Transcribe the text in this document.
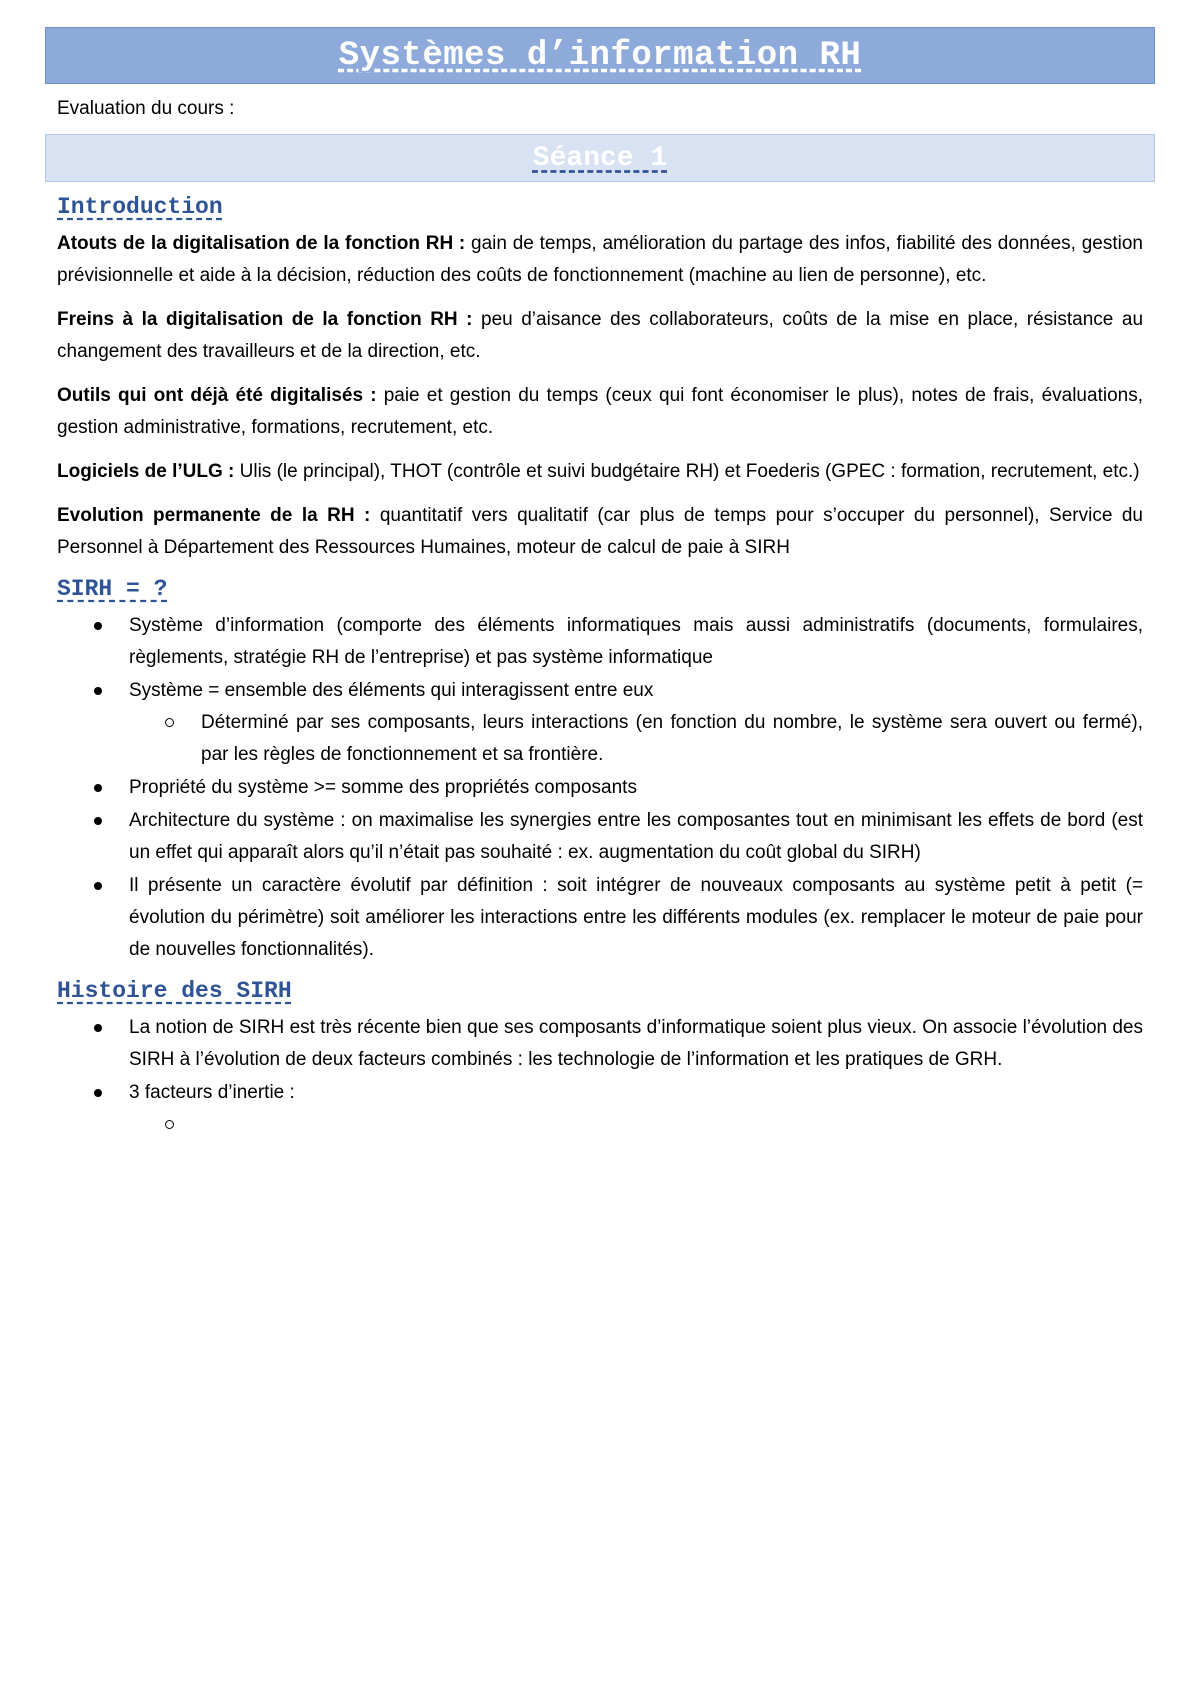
Systèmes d’information RH
Evaluation du cours :
Séance 1
Introduction

Atouts de la digitalisation de la fonction RH : gain de temps, amélioration du partage des infos, fiabilité des données, gestion prévisionnelle et aide à la décision, réduction des coûts de fonctionnement (machine au lien de personne), etc.

Freins à la digitalisation de la fonction RH : peu d’aisance des collaborateurs, coûts de la mise en place, résistance au changement des travailleurs et de la direction, etc.

Outils qui ont déjà été digitalisés : paie et gestion du temps (ceux qui font économiser le plus), notes de frais, évaluations, gestion administrative, formations, recrutement, etc.

Logiciels de l’ULG : Ulis (le principal), THOT (contrôle et suivi budgétaire RH) et Foederis (GPEC : formation, recrutement, etc.)

Evolution permanente de la RH : quantitatif vers qualitatif (car plus de temps pour s’occuper du personnel), Service du Personnel à Département des Ressources Humaines, moteur de calcul de paie à SIRH

SIRH = ?
Système d’information (comporte des éléments informatiques mais aussi administratifs (documents, formulaires, règlements, stratégie RH de l’entreprise) et pas système informatique
Système = ensemble des éléments qui interagissent entre eux
Déterminé par ses composants, leurs interactions (en fonction du nombre, le système sera ouvert ou fermé), par les règles de fonctionnement et sa frontière.
Propriété du système >= somme des propriétés composants
Architecture du système : on maximalise les synergies entre les composantes tout en minimisant les effets de bord (est un effet qui apparaît alors qu’il n’était pas souhaité : ex. augmentation du coût global du SIRH)
Il présente un caractère évolutif par définition : soit intégrer de nouveaux composants au système petit à petit (= évolution du périmètre) soit améliorer les interactions entre les différents modules (ex. remplacer le moteur de paie pour de nouvelles fonctionnalités).
Histoire des SIRH
La notion de SIRH est très récente bien que ses composants d’informatique soient plus vieux. On associe l’évolution des SIRH à l’évolution de deux facteurs combinés : les technologie de l’information et les pratiques de GRH.
3 facteurs d’inertie :
